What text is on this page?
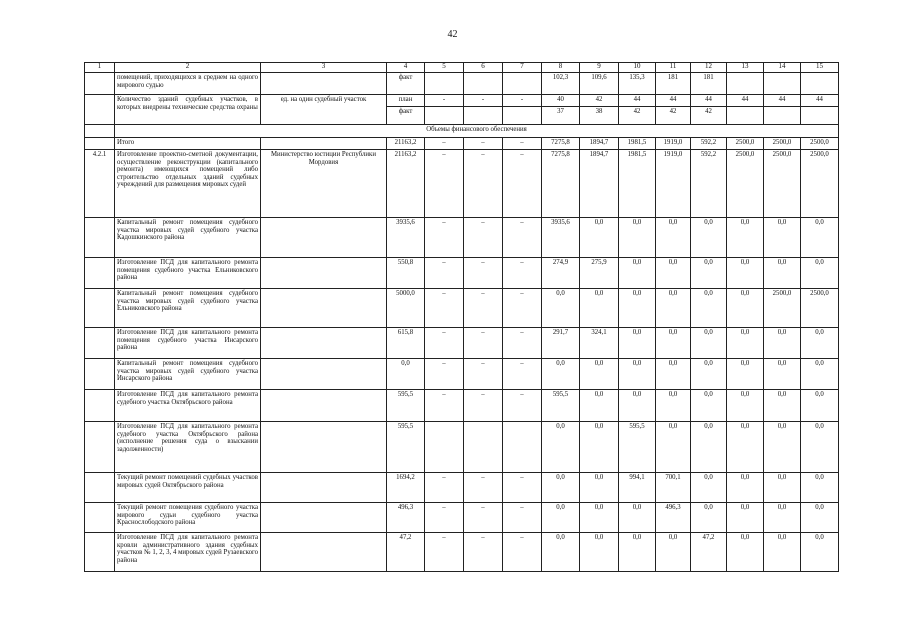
42
1	2	3	4	5	6	7	8	9	10	11	12	13	14	15
	помещений, приходящихся в среднем на одного мирового судью		факт				102,3	109,6	135,3	181	181			
	Количество зданий судебных участков, в которых внедрены технические средства охраны	ед. на один судебный участок	план	-	-	-	40	42	44	44	44	44	44	44
			факт				37	38	42	42	42			
	Объемы финансового обеспечения													
	Итого		21163,2	–	–	–	7275,8	1894,7	1981,5	1919,0	592,2	2500,0	2500,0	2500,0
4.2.1	Изготовление проектно-сметной документации, осуществление реконструкции (капитального ремонта) имеющихся помещений либо строительство отдельных зданий судебных учреждений для размещения мировых судей	Министерство юстиции Республики Мордовия	21163,2	–	–	–	7275,8	1894,7	1981,5	1919,0	592,2	2500,0	2500,0	2500,0
	Капитальный ремонт помещения судебного участка мировых судей судебного участка Кадошкинского района		3935,6	–	–	–	3935,6	0,0	0,0	0,0	0,0	0,0	0,0	0,0
	Изготовление ПСД для капитального ремонта помещения судебного участка Ельниковского района		550,8	–	–	–	274,9	275,9	0,0	0,0	0,0	0,0	0,0	0,0
	Капитальный ремонт помещения судебного участка мировых судей судебного участка Ельниковского района		5000,0	–	–	–	0,0	0,0	0,0	0,0	0,0	0,0	2500,0	2500,0
	Изготовление ПСД для капитального ремонта помещения судебного участка Инсарского района		615,8	–	–	–	291,7	324,1	0,0	0,0	0,0	0,0	0,0	0,0
	Капитальный ремонт помещения судебного участка мировых судей судебного участка Инсарского района		0,0	–	–	–	0,0	0,0	0,0	0,0	0,0	0,0	0,0	0,0
	Изготовление ПСД для капитального ремонта судебного участка Октябрьского района		595,5	–	–	–	595,5	0,0	0,0	0,0	0,0	0,0	0,0	0,0
	Изготовление ПСД для капитального ремонта судебного участка Октябрьского района (исполнение решения суда о взыскании задолженности)		595,5				0,0	0,0	595,5	0,0	0,0	0,0	0,0	0,0
	Текущий ремонт помещений судебных участков мировых судей Октябрьского района		1694,2	–	–	–	0,0	0,0	994,1	700,1	0,0	0,0	0,0	0,0
	Текущий ремонт помещения судебного участка мирового судьи судебного участка Краснослободского района		496,3	–	–	–	0,0	0,0	0,0	496,3	0,0	0,0	0,0	0,0
	Изготовление ПСД для капитального ремонта кровли административного здания судебных участков № 1, 2, 3, 4 мировых судей Рузаевского района		47,2	–	–	–	0,0	0,0	0,0	0,0	47,2	0,0	0,0	0,0
